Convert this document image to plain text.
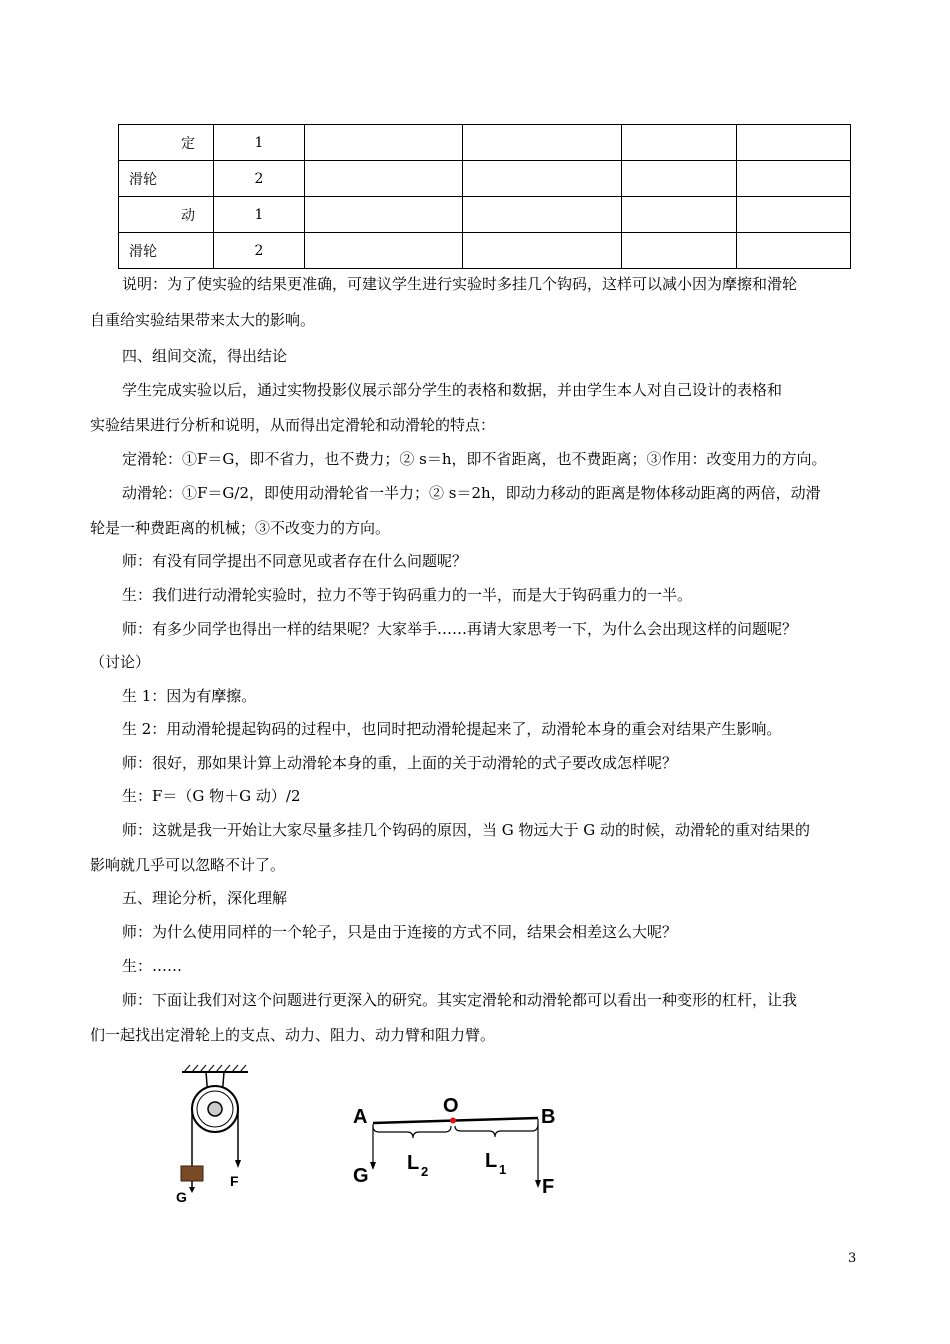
定	1				
滑轮	2				
动	1				
滑轮	2				
说明：为了使实验的结果更准确，可建议学生进行实验时多挂几个钩码，这样可以减小因为摩擦和滑轮
自重给实验结果带来太大的影响。
四、组间交流，得出结论
学生完成实验以后，通过实物投影仪展示部分学生的表格和数据，并由学生本人对自己设计的表格和
实验结果进行分析和说明，从而得出定滑轮和动滑轮的特点：
定滑轮：①F＝G，即不省力，也不费力；② s＝h，即不省距离，也不费距离；③作用：改变用力的方向。
动滑轮：①F＝G/2，即使用动滑轮省一半力；② s＝2h，即动力移动的距离是物体移动距离的两倍，动滑
轮是一种费距离的机械；③不改变力的方向。
师：有没有同学提出不同意见或者存在什么问题呢？
生：我们进行动滑轮实验时，拉力不等于钩码重力的一半，而是大于钩码重力的一半。
师：有多少同学也得出一样的结果呢？大家举手……再请大家思考一下，为什么会出现这样的问题呢？
（讨论）
生 1：因为有摩擦。
生 2：用动滑轮提起钩码的过程中，也同时把动滑轮提起来了，动滑轮本身的重会对结果产生影响。
师：很好，那如果计算上动滑轮本身的重，上面的关于动滑轮的式子要改成怎样呢？
生：F＝（G 物＋G 动）/2
师：这就是我一开始让大家尽量多挂几个钩码的原因，当 G 物远大于 G 动的时候，动滑轮的重对结果的
影响就几乎可以忽略不计了。
五、理论分析，深化理解
师：为什么使用同样的一个轮子，只是由于连接的方式不同，结果会相差这么大呢？
生：……
师：下面让我们对这个问题进行更深入的研究。其实定滑轮和动滑轮都可以看出一种变形的杠杆，让我
们一起找出定滑轮上的支点、动力、阻力、动力臂和阻力臂。
G
F
A	O	B
L 2	L 1
G	F
3
